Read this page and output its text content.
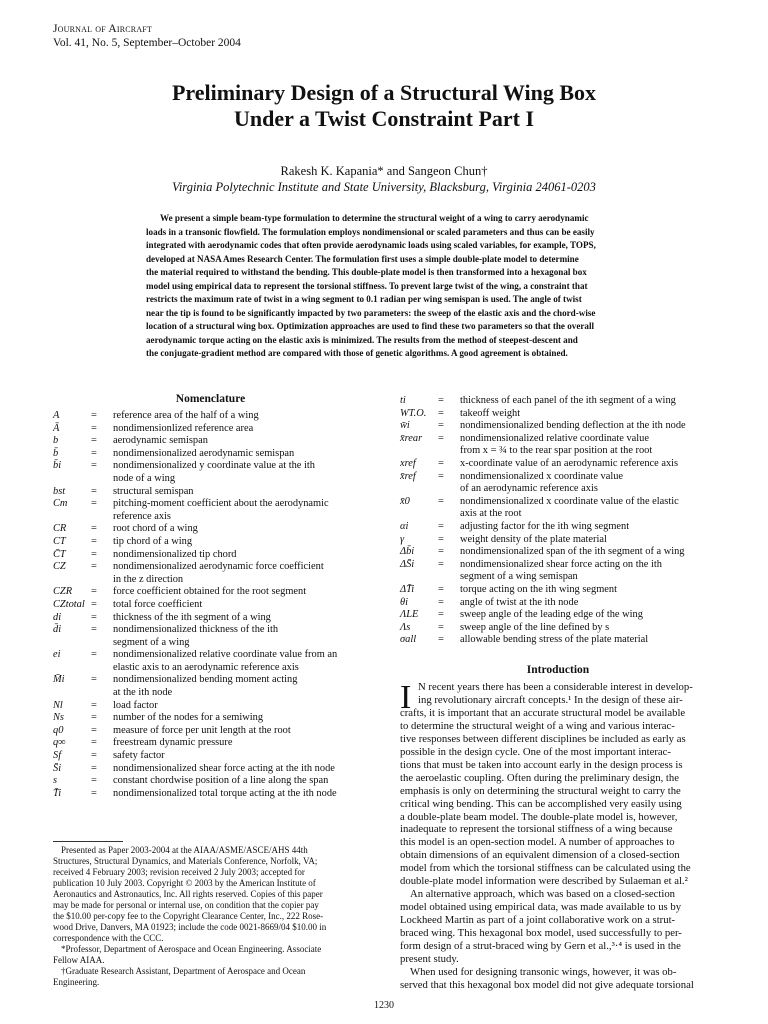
Journal of Aircraft
Vol. 41, No. 5, September–October 2004
Preliminary Design of a Structural Wing Box
Under a Twist Constraint Part I
Rakesh K. Kapania* and Sangeon Chun†
Virginia Polytechnic Institute and State University, Blacksburg, Virginia 24061-0203
We present a simple beam-type formulation to determine the structural weight of a wing to carry aerodynamic
loads in a transonic flowfield. The formulation employs nondimensional or scaled parameters and thus can be easily
integrated with aerodynamic codes that often provide aerodynamic loads using scaled variables, for example, TOPS,
developed at NASA Ames Research Center. The formulation first uses a simple double-plate model to determine
the material required to withstand the bending. This double-plate model is then transformed into a hexagonal box
model using empirical data to represent the torsional stiffness. To prevent large twist of the wing, a constraint that
restricts the maximum rate of twist in a wing segment to 0.1 radian per wing semispan is used. The angle of twist
near the tip is found to be significantly impacted by two parameters: the sweep of the elastic axis and the chord-wise
location of a structural wing box. Optimization approaches are used to find these two parameters so that the overall
aerodynamic torque acting on the elastic axis is minimized. The results from the method of steepest-descent and
the conjugate-gradient method are compared with those of genetic algorithms. A good agreement is obtained.
Nomenclature
A	=	reference area of the half of a wing
Ā	=	nondimensionlized reference area
b	=	aerodynamic semispan
b̄	=	nondimensionalized aerodynamic semispan
b̄i	=	nondimensionalized y coordinate value at the ith
node of a wing
bst	=	structural semispan
Cm	=	pitching-moment coefficient about the aerodynamic
reference axis
CR	=	root chord of a wing
CT	=	tip chord of a wing
C̄T	=	nondimensionalized tip chord
CZ	=	nondimensionalized aerodynamic force coefficient
in the z direction
CZR	=	force coefficient obtained for the root segment
CZtotal =	total force coefficient
di	=	thickness of the ith segment of a wing
d̄i	=	nondimensionalized thickness of the ith
segment of a wing
ei	=	nondimensionalized relative coordinate value from an
elastic axis to an aerodynamic reference axis
M̄i	=	nondimensionalized bending moment acting
at the ith node
Nl	=	load factor
Ns	=	number of the nodes for a semiwing
q0	=	measure of force per unit length at the root
q∞	=	freestream dynamic pressure
Sf	=	safety factor
S̄i	=	nondimensionalized shear force acting at the ith node
s	=	constant chordwise position of a line along the span
T̄i	=	nondimensionalized total torque acting at the ith node
ti	=	thickness of each panel of the ith segment of a wing
WT.O.	=	takeoff weight
w̄i	=	nondimensionalized bending deflection at the ith node
x̄rear	=	nondimensionalized relative coordinate value
from x = ¾ to the rear spar position at the root
xref	=	x-coordinate value of an aerodynamic reference axis
x̄ref	=	nondimensionalized x coordinate value
of an aerodynamic reference axis
x̄0	=	nondimensionalized x coordinate value of the elastic
axis at the root
αi	=	adjusting factor for the ith wing segment
γ	=	weight density of the plate material
Δb̄i	=	nondimensionalized span of the ith segment of a wing
ΔS̄i	=	nondimensionalized shear force acting on the ith
segment of a wing semispan
ΔT̄i	=	torque acting on the ith wing segment
θi	=	angle of twist at the ith node
ΛLE	=	sweep angle of the leading edge of the wing
Λs	=	sweep angle of the line defined by s
σall	=	allowable bending stress of the plate material
Presented as Paper 2003-2004 at the AIAA/ASME/ASCE/AHS 44th
Structures, Structural Dynamics, and Materials Conference, Norfolk, VA;
received 4 February 2003; revision received 2 July 2003; accepted for
publication 10 July 2003. Copyright © 2003 by the American Institute of
Aeronautics and Astronautics, Inc. All rights reserved. Copies of this paper
may be made for personal or internal use, on condition that the copier pay
the $10.00 per-copy fee to the Copyright Clearance Center, Inc., 222 Rose-
wood Drive, Danvers, MA 01923; include the code 0021-8669/04 $10.00 in
correspondence with the CCC.
*Professor, Department of Aerospace and Ocean Engineering. Associate
Fellow AIAA.
†Graduate Research Assistant, Department of Aerospace and Ocean
Engineering.
Introduction
I N recent years there has been a considerable interest in develop-
ing revolutionary aircraft concepts.¹ In the design of these air-
crafts, it is important that an accurate structural model be available
to determine the structural weight of a wing and various interac-
tive responses between different disciplines be included as early as
possible in the design cycle. One of the most important interac-
tions that must be taken into account early in the design process is
the aeroelastic coupling. Often during the preliminary design, the
emphasis is only on determining the structural weight to carry the
critical wing bending. This can be accomplished very easily using
a double-plate beam model. The double-plate model is, however,
inadequate to represent the torsional stiffness of a wing because
this model is an open-section model. A number of approaches to
obtain dimensions of an equivalent dimension of a closed-section
model from which the torsional stiffness can be calculated using the
double-plate model information were described by Sulaeman et al.²
An alternative approach, which was based on a closed-section
model obtained using empirical data, was made available to us by
Lockheed Martin as part of a joint collaborative work on a strut-
braced wing. This hexagonal box model, used successfully to per-
form design of a strut-braced wing by Gern et al.,³·⁴ is used in the
present study.
When used for designing transonic wings, however, it was ob-
served that this hexagonal box model did not give adequate torsional
1230
